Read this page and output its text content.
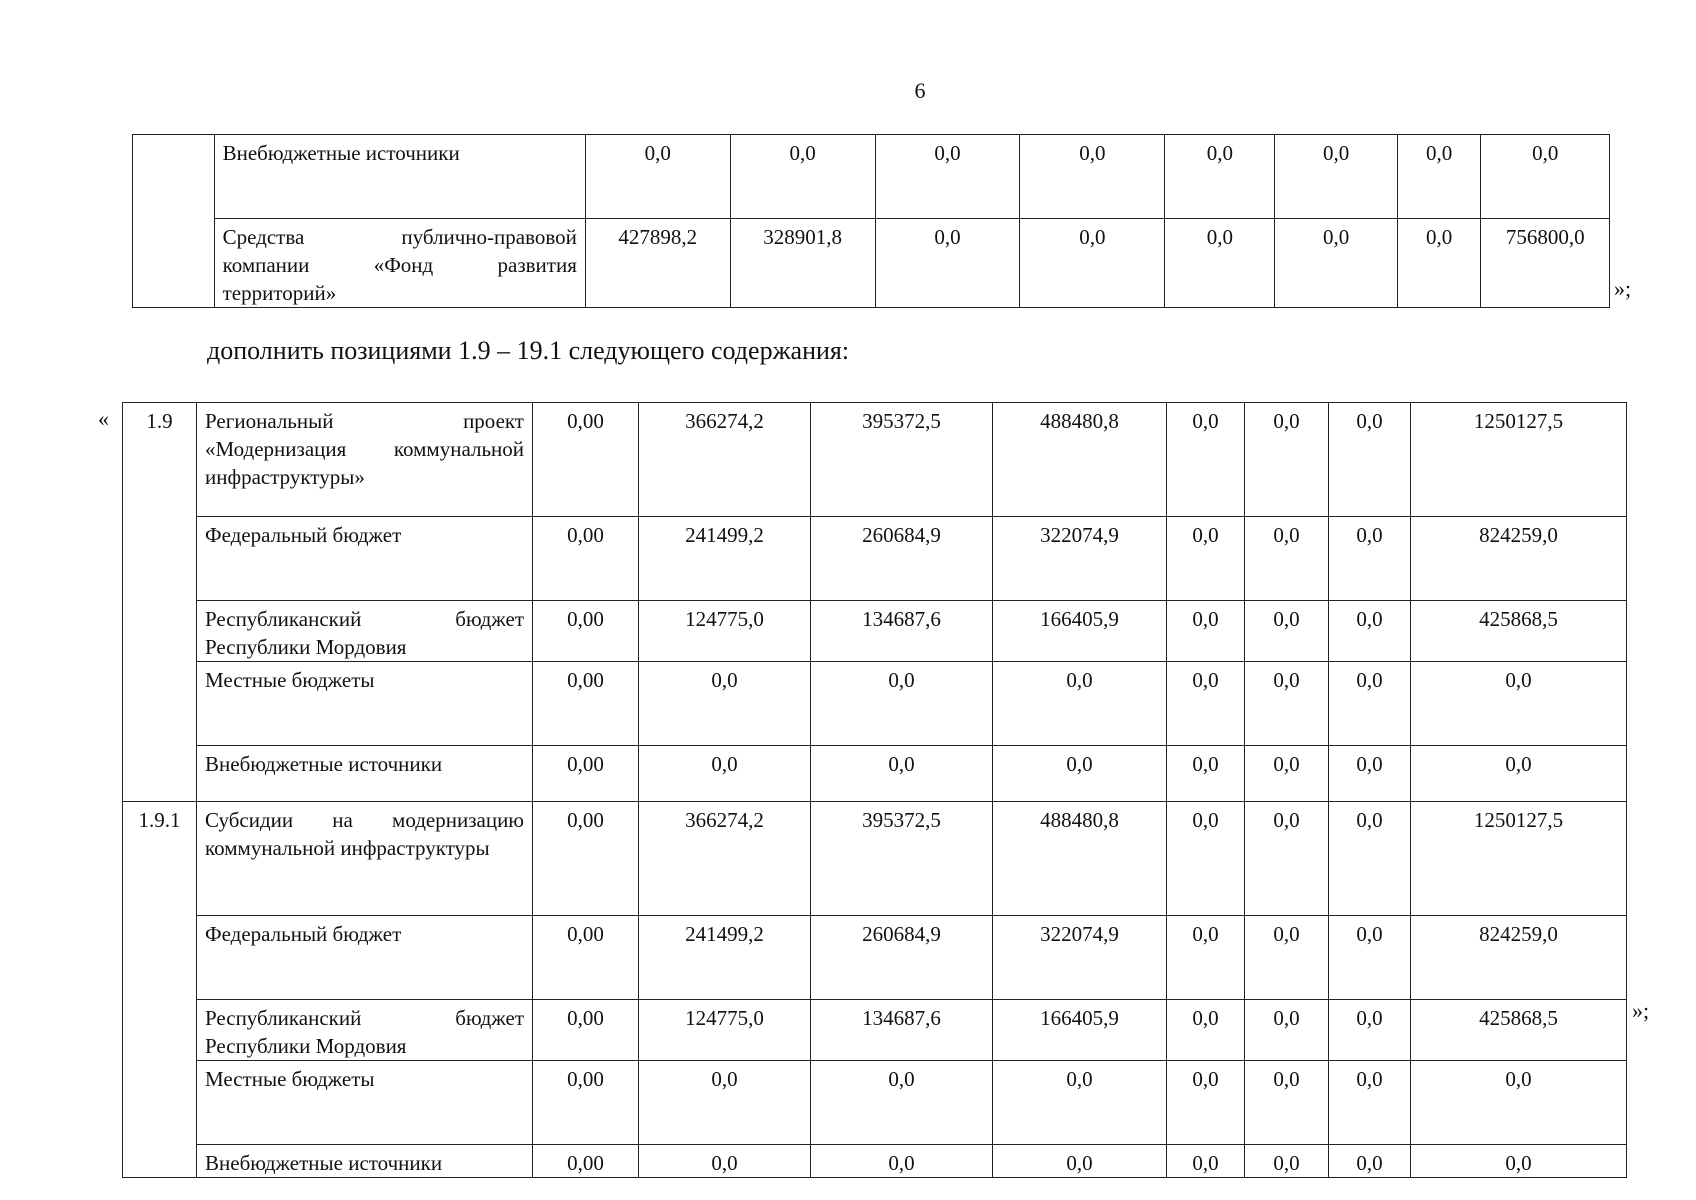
6
	Внебюджетные источники	0,0	0,0	0,0	0,0	0,0	0,0	0,0	0,0
	Средства публично-правовой компании «Фонд развития территорий»	427898,2	328901,8	0,0	0,0	0,0	0,0	0,0	756800,0
»;
дополнить позициями 1.9 – 19.1 следующего содержания:
« 1.9	Региональный проект «Модернизация коммунальной инфраструктуры»	0,00	366274,2	395372,5	488480,8	0,0	0,0	0,0	1250127,5
	Федеральный бюджет	0,00	241499,2	260684,9	322074,9	0,0	0,0	0,0	824259,0
	Республиканский бюджет Республики Мордовия	0,00	124775,0	134687,6	166405,9	0,0	0,0	0,0	425868,5
	Местные бюджеты	0,00	0,0	0,0	0,0	0,0	0,0	0,0	0,0
	Внебюджетные источники	0,00	0,0	0,0	0,0	0,0	0,0	0,0	0,0
1.9.1	Субсидии на модернизацию коммунальной инфраструктуры	0,00	366274,2	395372,5	488480,8	0,0	0,0	0,0	1250127,5
	Федеральный бюджет	0,00	241499,2	260684,9	322074,9	0,0	0,0	0,0	824259,0
	Республиканский бюджет Республики Мордовия	0,00	124775,0	134687,6	166405,9	0,0	0,0	0,0	425868,5
	Местные бюджеты	0,00	0,0	0,0	0,0	0,0	0,0	0,0	0,0
	Внебюджетные источники	0,00	0,0	0,0	0,0	0,0	0,0	0,0	0,0
»;
